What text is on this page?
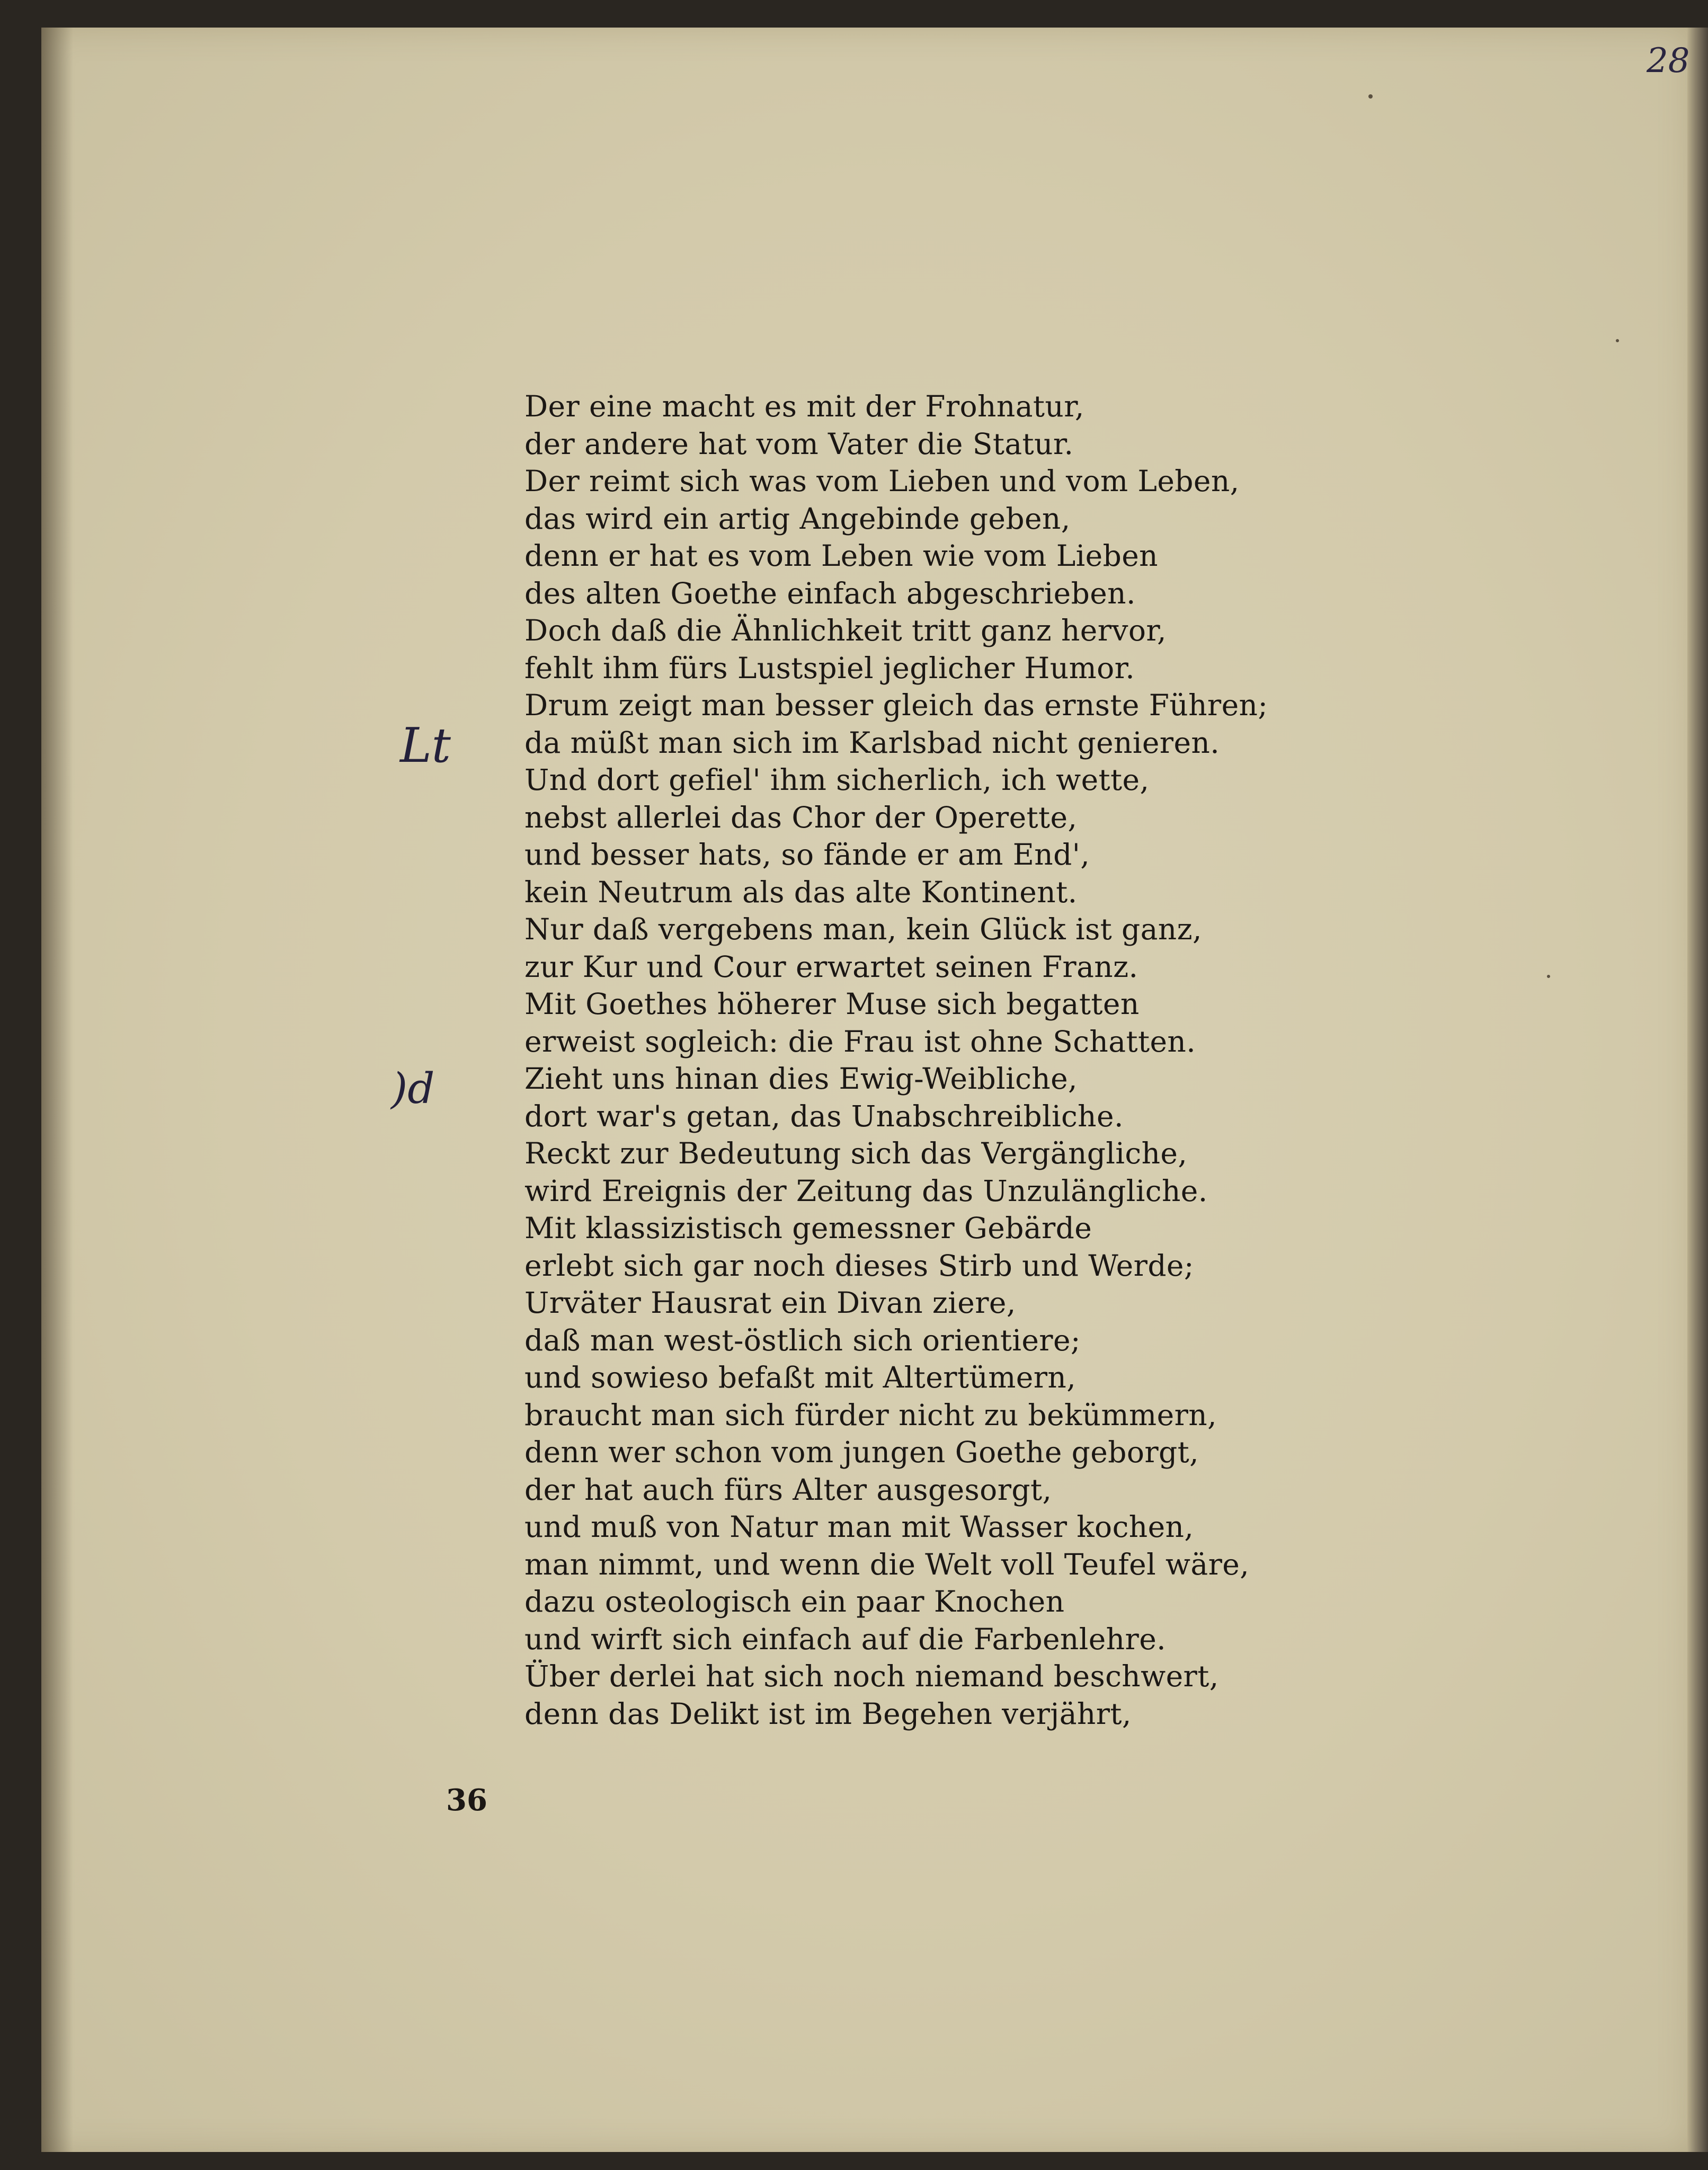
28
Lt
)d
Der eine macht es mit der Frohnatur,
der andere hat vom Vater die Statur.
Der reimt sich was vom Lieben und vom Leben,
das wird ein artig Angebinde geben,
denn er hat es vom Leben wie vom Lieben
des alten Goethe einfach abgeschrieben.
Doch daß die Ähnlichkeit tritt ganz hervor,
fehlt ihm fürs Lustspiel jeglicher Humor.
Drum zeigt man besser gleich das ernste Führen;
da müßt man sich im Karlsbad nicht genieren.
Und dort gefiel' ihm sicherlich, ich wette,
nebst allerlei das Chor der Operette,
und besser hats, so fände er am End',
kein Neutrum als das alte Kontinent.
Nur daß vergebens man, kein Glück ist ganz,
zur Kur und Cour erwartet seinen Franz.
Mit Goethes höherer Muse sich begatten
erweist sogleich: die Frau ist ohne Schatten.
Zieht uns hinan dies Ewig-Weibliche,
dort war's getan, das Unabschreibliche.
Reckt zur Bedeutung sich das Vergängliche,
wird Ereignis der Zeitung das Unzulängliche.
Mit klassizistisch gemessner Gebärde
erlebt sich gar noch dieses Stirb und Werde;
Urväter Hausrat ein Divan ziere,
daß man west-östlich sich orientiere;
und sowieso befaßt mit Altertümern,
braucht man sich fürder nicht zu bekümmern,
denn wer schon vom jungen Goethe geborgt,
der hat auch fürs Alter ausgesorgt,
und muß von Natur man mit Wasser kochen,
man nimmt, und wenn die Welt voll Teufel wäre,
dazu osteologisch ein paar Knochen
und wirft sich einfach auf die Farbenlehre.
Über derlei hat sich noch niemand beschwert,
denn das Delikt ist im Begehen verjährt,
36
